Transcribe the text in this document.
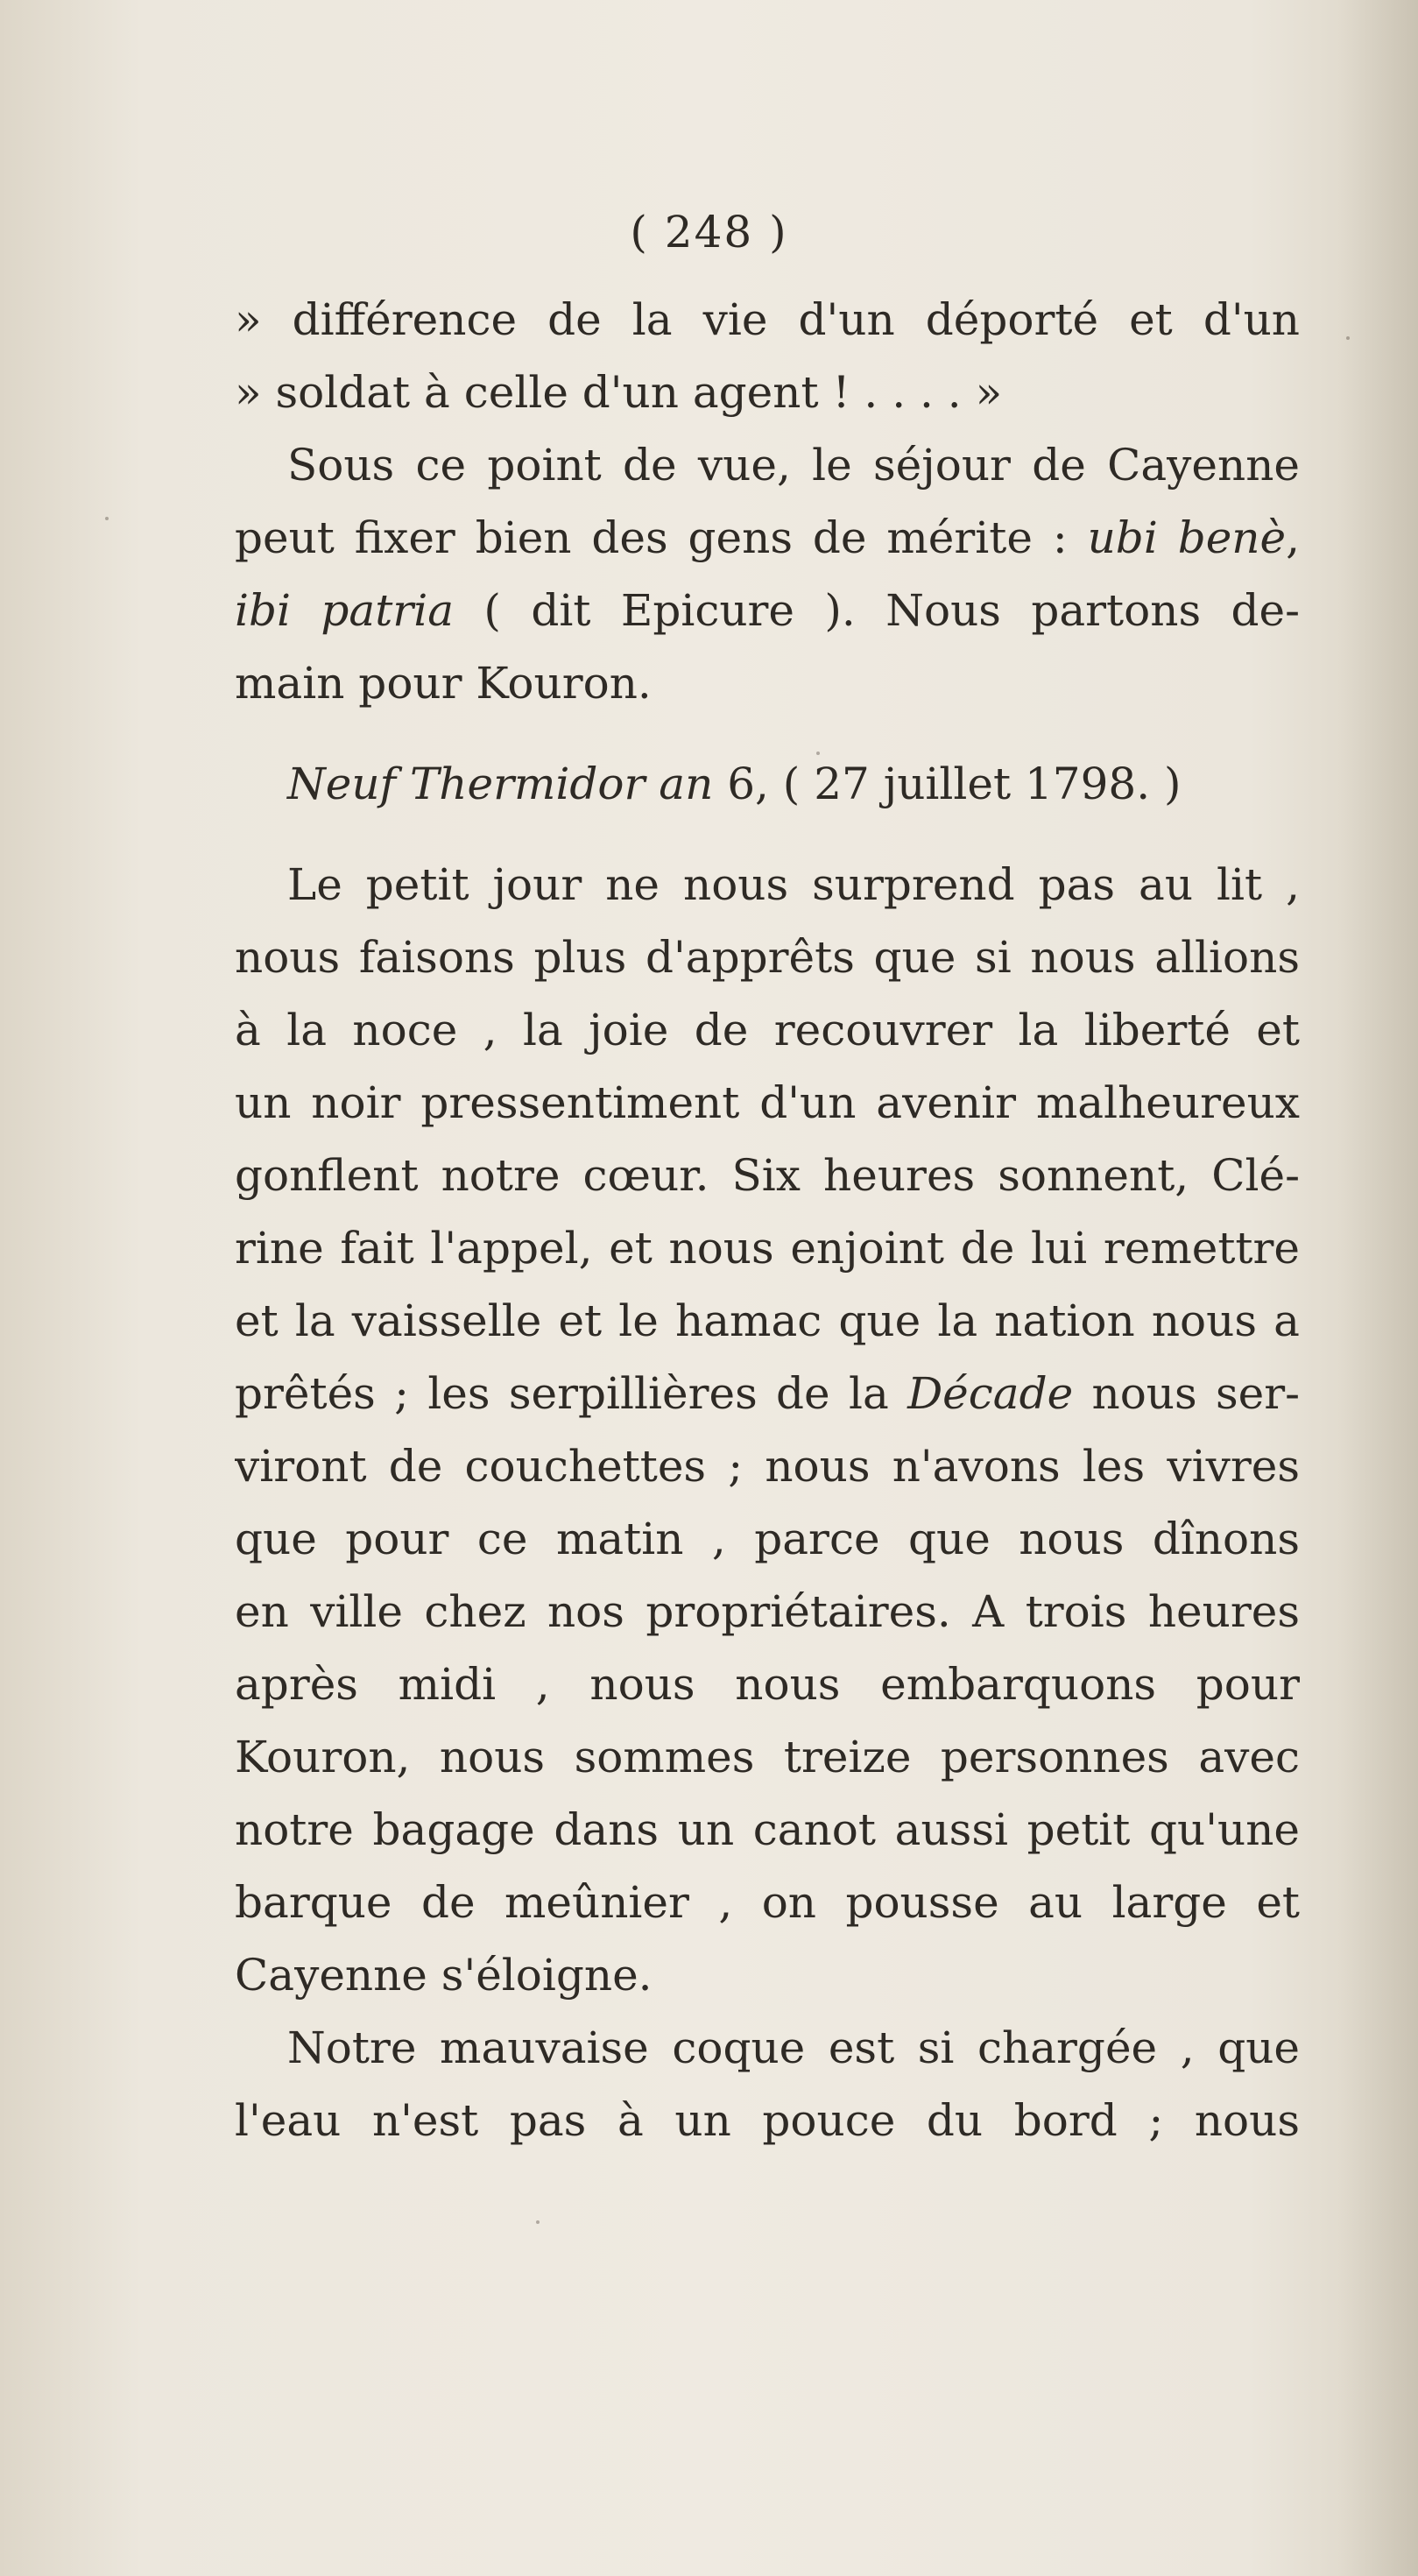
( 248 )
» différence de la vie d'un déporté et d'un
» soldat à celle d'un agent ! . . . . »
Sous ce point de vue, le séjour de Cayenne
peut fixer bien des gens de mérite : ubi benè,
ibi patria ( dit Epicure ). Nous partons de-
main pour Kouron.
Neuf Thermidor an 6, ( 27 juillet 1798. )
Le petit jour ne nous surprend pas au lit ,
nous faisons plus d'apprêts que si nous allions
à la noce , la joie de recouvrer la liberté et
un noir pressentiment d'un avenir malheureux
gonflent notre cœur. Six heures sonnent, Clé-
rine fait l'appel, et nous enjoint de lui remettre
et la vaisselle et le hamac que la nation nous a
prêtés ; les serpillières de la Décade nous ser-
viront de couchettes ; nous n'avons les vivres
que pour ce matin , parce que nous dînons
en ville chez nos propriétaires. A trois heures
après midi , nous nous embarquons pour
Kouron, nous sommes treize personnes avec
notre bagage dans un canot aussi petit qu'une
barque de meûnier , on pousse au large et
Cayenne s'éloigne.
Notre mauvaise coque est si chargée , que
l'eau n'est pas à un pouce du bord ; nous
